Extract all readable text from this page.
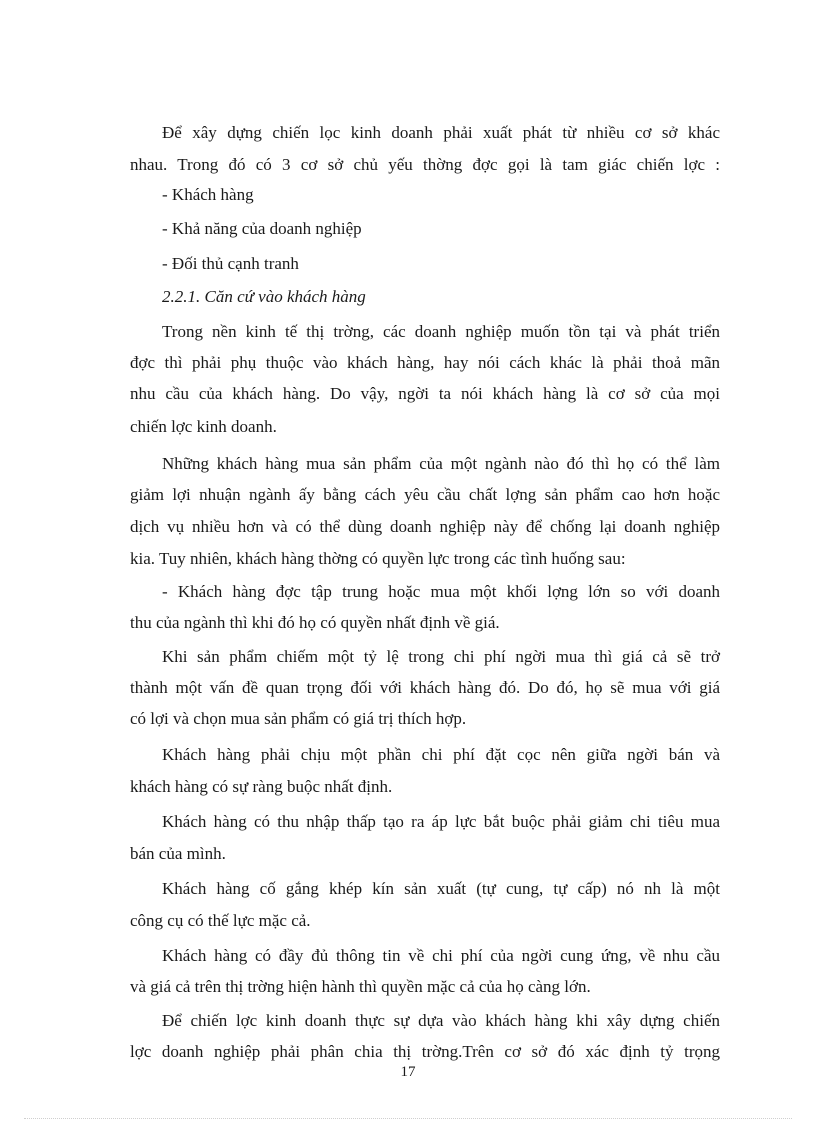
Để xây dựng chiến lọc kinh doanh phải xuất phát từ nhiều cơ sở khác
nhau. Trong đó có 3 cơ sở chủ yếu thờng đợc gọi là tam giác chiến lợc :
- Khách hàng
- Khả năng của doanh nghiệp
- Đối thủ cạnh tranh
2.2.1. Căn cứ vào khách hàng
Trong nền kinh tế thị trờng, các doanh nghiệp muốn tồn tại và phát triển
đợc thì phải phụ thuộc vào khách hàng, hay nói cách khác là phải thoả mãn
nhu cầu của khách hàng. Do vậy, ngời ta nói khách hàng là cơ sở của mọi
chiến lợc kinh doanh.
Những khách hàng mua sản phẩm của một ngành nào đó thì họ có thể làm
giảm lợi nhuận ngành ấy bằng cách yêu cầu chất lợng sản phẩm cao hơn hoặc
dịch vụ nhiều hơn và có thể dùng doanh nghiệp này để chống lại doanh nghiệp
kia. Tuy nhiên, khách hàng thờng có quyền lực trong các tình huống sau:
- Khách hàng đợc tập trung hoặc mua một khối lợng lớn so với doanh
thu của ngành thì khi đó họ có quyền nhất định về giá.
Khi sản phẩm chiếm một tỷ lệ trong chi phí ngời mua thì giá cả sẽ trở
thành một vấn đề quan trọng đối với khách hàng đó. Do đó, họ sẽ mua với giá
có lợi và chọn mua sản phẩm có giá trị thích hợp.
Khách hàng phải chịu một phần chi phí đặt cọc nên giữa ngời bán và
khách hàng có sự ràng buộc nhất định.
Khách hàng có thu nhập thấp tạo ra áp lực bắt buộc phải giảm chi tiêu mua
bán của mình.
Khách hàng cố gắng khép kín sản xuất (tự cung, tự cấp) nó nh là một
công cụ có thế lực mặc cả.
Khách hàng có đầy đủ thông tin về chi phí của ngời cung ứng, về nhu cầu
và giá cả trên thị trờng hiện hành thì quyền mặc cả của họ càng lớn.
Để chiến lợc kinh doanh thực sự dựa vào khách hàng khi xây dựng chiến
lợc doanh nghiệp phải phân chia thị trờng.Trên cơ sở đó xác định tỷ trọng
17
